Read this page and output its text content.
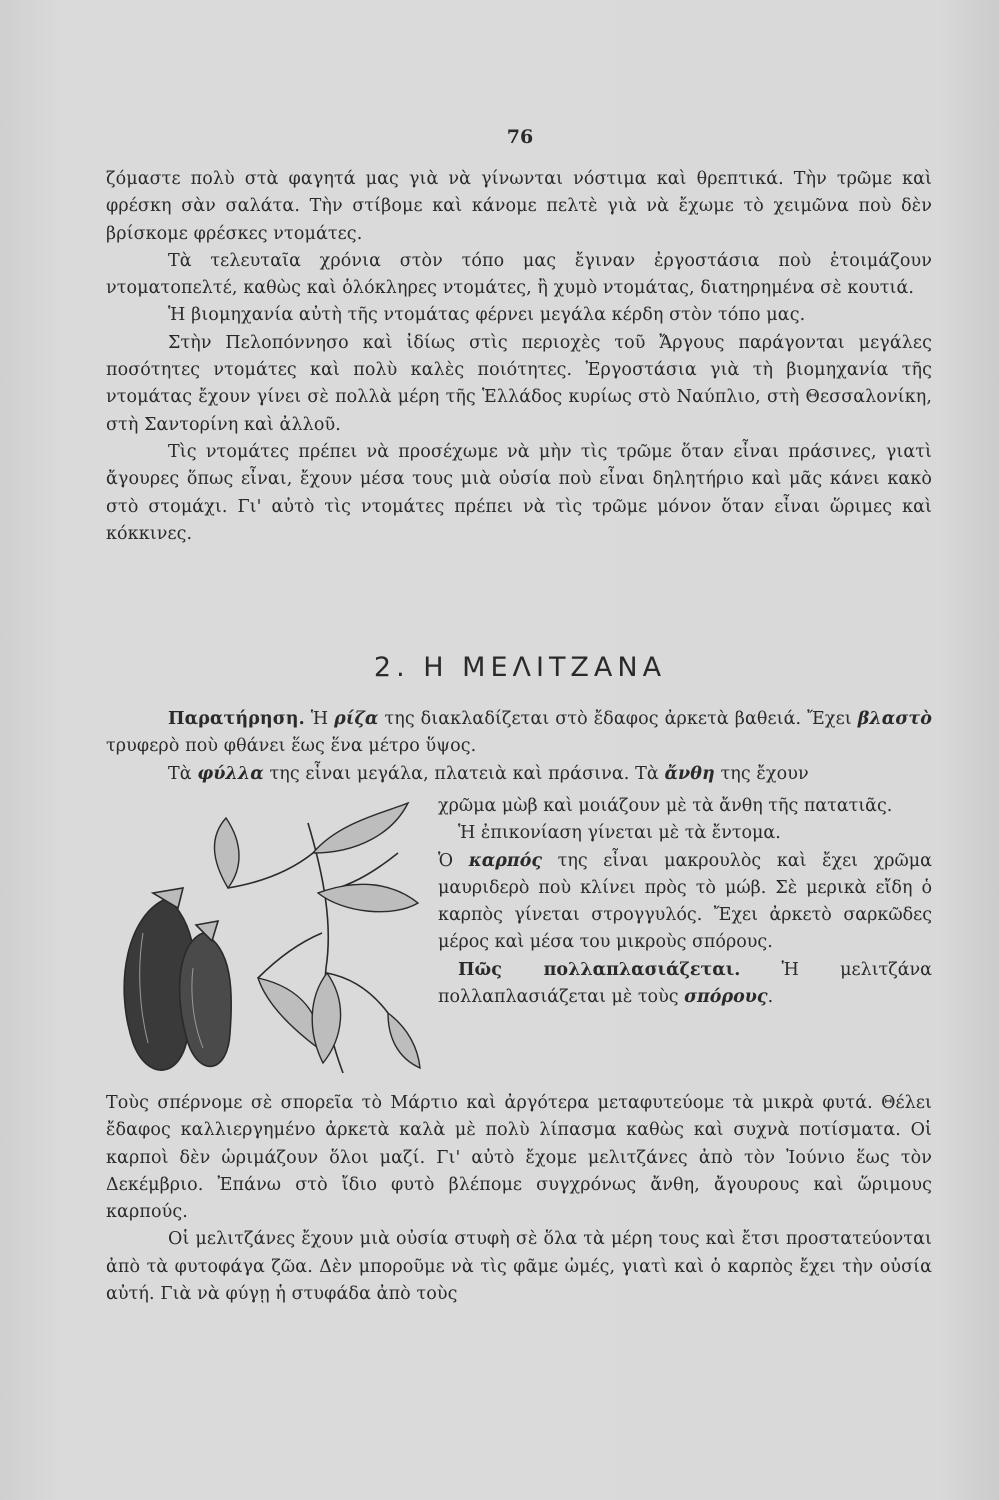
76

ζόμαστε πολὺ στὰ φαγητά μας γιὰ νὰ γίνωνται νόστιμα καὶ θρεπτικά. Τὴν τρῶμε καὶ φρέσκη σὰν σαλάτα. Τὴν στίβομε καὶ κάνομε πελτὲ γιὰ νὰ ἔχωμε τὸ χειμῶνα ποὺ δὲν βρίσκομε φρέσκες ντομάτες.

Τὰ τελευταῖα χρόνια στὸν τόπο μας ἔγιναν ἐργοστάσια ποὺ ἑτοιμάζουν ντοματοπελτέ, καθὼς καὶ ὁλόκληρες ντομάτες, ἢ χυμὸ ντομάτας, διατηρημένα σὲ κουτιά.

Ἡ βιομηχανία αὐτὴ τῆς ντομάτας φέρνει μεγάλα κέρδη στὸν τόπο μας.

Στὴν Πελοπόννησο καὶ ἰδίως στὶς περιοχὲς τοῦ Ἄργους παράγονται μεγάλες ποσότητες ντομάτες καὶ πολὺ καλὲς ποιότητες. Ἐργοστάσια γιὰ τὴ βιομηχανία τῆς ντομάτας ἔχουν γίνει σὲ πολλὰ μέρη τῆς Ἑλλάδος κυρίως στὸ Ναύπλιο, στὴ Θεσσαλονίκη, στὴ Σαντορίνη καὶ ἀλλοῦ.

Τὶς ντομάτες πρέπει νὰ προσέχωμε νὰ μὴν τὶς τρῶμε ὅταν εἶναι πράσινες, γιατὶ ἄγουρες ὅπως εἶναι, ἔχουν μέσα τους μιὰ οὐσία ποὺ εἶναι δηλητήριο καὶ μᾶς κάνει κακὸ στὸ στομάχι. Γι' αὐτὸ τὶς ντομάτες πρέπει νὰ τὶς τρῶμε μόνον ὅταν εἶναι ὥριμες καὶ κόκκινες.

2. Η ΜΕΛΙΤΖΑΝΑ

Παρατήρηση. Ἡ ρίζα της διακλαδίζεται στὸ ἔδαφος ἀρκετὰ βαθειά. Ἔχει βλαστὸ τρυφερὸ ποὺ φθάνει ἕως ἕνα μέτρο ὕψος.

Τὰ φύλλα της εἶναι μεγάλα, πλατειὰ καὶ πράσινα. Τὰ ἄνθη της ἔχουν

χρῶμα μὼβ καὶ μοιάζουν μὲ τὰ ἄνθη τῆς πατατιᾶς.

Ἡ ἐπικονίαση γίνεται μὲ τὰ ἔντομα.

Ὁ καρπός της εἶναι μακρουλὸς καὶ ἔχει χρῶμα μαυριδερὸ ποὺ κλίνει πρὸς τὸ μώβ. Σὲ μερικὰ εἴδη ὁ καρπὸς γίνεται στρογγυλός. Ἔχει ἀρκετὸ σαρκῶδες μέρος καὶ μέσα του μικροὺς σπόρους.

Πῶς πολλαπλασιάζεται. Ἡ μελιτζάνα πολλαπλασιάζεται μὲ τοὺς σπόρους.

Τοὺς σπέρνομε σὲ σπορεῖα τὸ Μάρτιο καὶ ἀργότερα μεταφυτεύομε τὰ μικρὰ φυτά. Θέλει ἔδαφος καλλιεργημένο ἀρκετὰ καλὰ μὲ πολὺ λίπασμα καθὼς καὶ συχνὰ ποτίσματα. Οἱ καρποὶ δὲν ὡριμάζουν ὅλοι μαζί. Γι' αὐτὸ ἔχομε μελιτζάνες ἀπὸ τὸν Ἰούνιο ἕως τὸν Δεκέμβριο. Ἐπάνω στὸ ἴδιο φυτὸ βλέπομε συγχρόνως ἄνθη, ἄγουρους καὶ ὥριμους καρπούς.

Οἱ μελιτζάνες ἔχουν μιὰ οὐσία στυφὴ σὲ ὅλα τὰ μέρη τους καὶ ἔτσι προστατεύονται ἀπὸ τὰ φυτοφάγα ζῶα. Δὲν μποροῦμε νὰ τὶς φᾶμε ὠμές, γιατὶ καὶ ὁ καρπὸς ἔχει τὴν οὐσία αὐτή. Γιὰ νὰ φύγῃ ἡ στυφάδα ἀπὸ τοὺς
